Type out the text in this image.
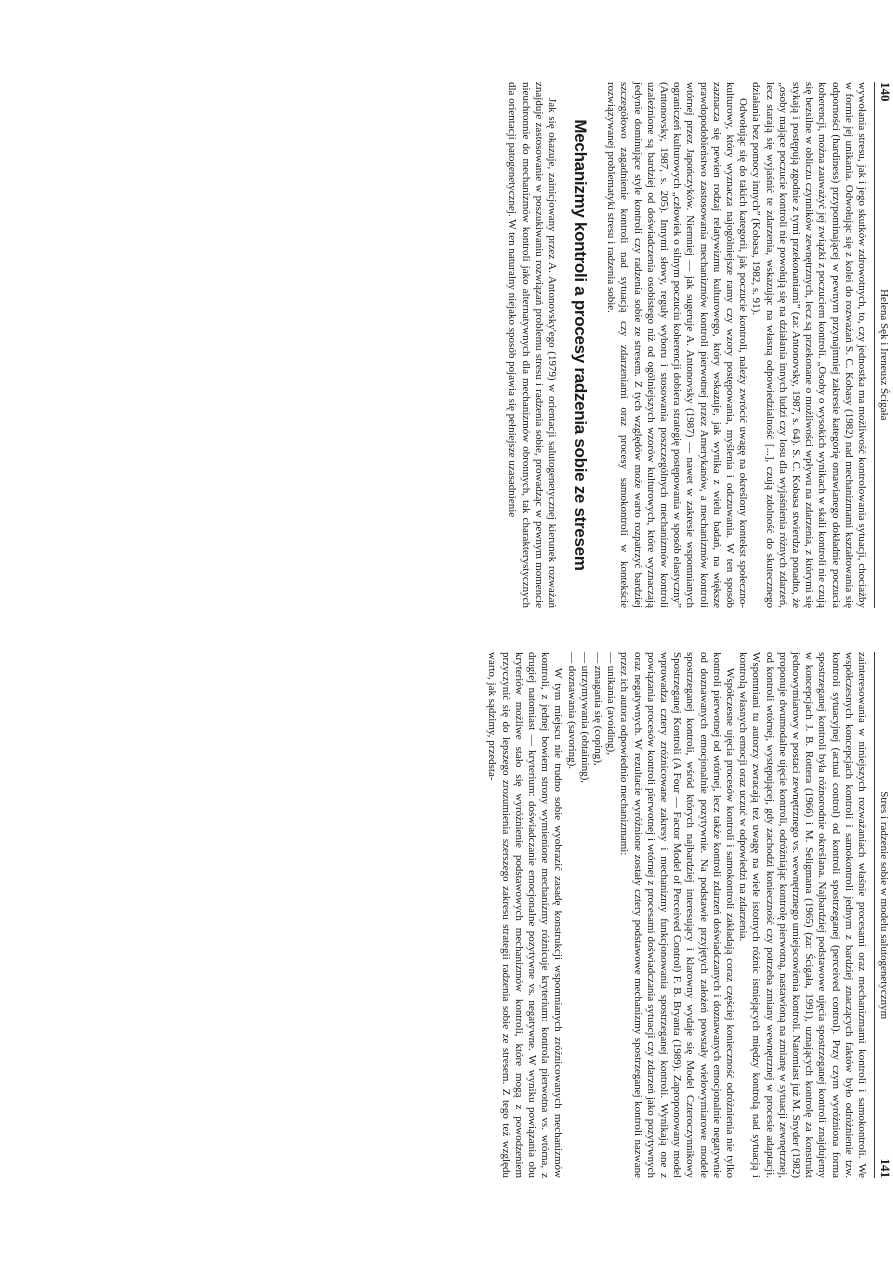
140
Helena Sęk i Ireneusz Ścigała

wywołania stresu, jak i jego skutków zdrowotnych, to, czy jednostka ma możliwość kontrolowania sytuacji, chociażby w formie jej unikania. Odwołując się z kolei do rozważań S. C. Kobasy (1982) nad mechanizmami kształtowania się odporności (hardiness) przypominającej w pewnym przynajmniej zakresie kategorię omawianego dokładnie poczucia koherencji, można zauważyć jej związki z poczuciem kontroli. „Osoby o wysokich wynikach w skali kontroli nie czują się bezsilne w obliczu czynników zewnętrznych, lecz są przekonane o możliwości wpływu na zdarzenia, z którymi się stykają i postępują zgodnie z tymi przekonaniami” (za: Antonovsky, 1987, s. 64). S. C. Kobasa stwierdza ponadto, że „osoby mające poczucie kontroli nie powołują się na działania innych ludzi czy losu dla wyjaśnienia różnych zdarzeń, lecz starają się wyjaśnić te zdarzenia, wskazując na własną odpowiedzialność [...], czują zdolność do skutecznego działania bez pomocy innych” (Kobasa, 1982, s. 91).

Odwołując się do takich kategorii, jak poczucie kontroli, należy zwrócić uwagę na określony kontekst społeczno-kulturowy, który wyznacza najogólniejsze ramy czy wzory postępowania, myślenia i odczuwania. W ten sposób zaznacza się pewien rodzaj relatywizmu kulturowego, który wskazuje, jak wynika z wielu badań, na większe prawdopodobieństwo zastosowania mechanizmów kontroli pierwotnej przez Amerykanów, a mechanizmów kontroli wtórnej przez Japończyków. Niemniej — jak sugeruje A. Antonovsky (1987) — nawet w zakresie wspomnianych ograniczeń kulturowych „człowiek o silnym poczuciu koherencji dobiera strategię postępowania w sposób elastyczny” (Antonovsky, 1987, s. 205). Innymi słowy, reguły wyboru i stosowania poszczególnych mechanizmów kontroli uzależnione są bardziej od doświadczenia osobistego niż od ogólniejszych wzorów kulturowych, które wyznaczają jedynie dominujące style kontroli czy radzenia sobie ze stresem. Z tych względów może warto rozpatrzyć bardziej szczegółowo zagadnienie kontroli nad sytuacją czy zdarzeniami oraz procesy samokontroli w kontekście rozwiązywanej problematyki stresu i radzenia sobie.

Mechanizmy kontroli a procesy radzenia sobie ze stresem

Jak się okazuje, zainicjowany przez A. Antonovsky'ego (1979) w orientacji salutogenetycznej kierunek rozważań znajduje zastosowanie w poszukiwaniu rozwiązań problemu stresu i radzenia sobie, prowadząc w pewnym momencie nieuchronnie do mechanizmów kontroli jako alternatywnych dla mechanizmów obronnych, tak charakterystycznych dla orientacji patogenetycznej. W ten naturalny niejako sposób pojawia się pełniejsze uzasadnienie

Stres i radzenie sobie w modelu salutogenetycznym
141

zainteresowania w niniejszych rozważaniach właśnie procesami oraz mechanizmami kontroli i samokontroli. We współczesnych koncepcjach kontroli i samokontroli jednym z bardziej znaczących faktów było odróżnienie tzw. kontroli sytuacyjnej (actual control) od kontroli spostrzeganej (perceived control). Przy czym wyróżniona forma spostrzeganej kontroli była różnorodnie określana. Najbardziej podstawowe ujęcia spostrzeganej kontroli znajdujemy w koncepcjach J. B. Rottera (1966) i M. Seligmana (1965) (za: Ścigała, 1991), uznających kontrolę za konstrukt jednowymiarowy w postaci zewnętrznego vs. wewnętrznego umiejscowienia kontroli. Natomiast już M. Snyder (1982) proponuje dwumodalne ujęcie kontroli, odróżniając kontrolę pierwotną, nastawioną na zmianę w sytuacji zewnętrznej, od kontroli wtórnej, występującej, gdy zachodzi konieczność czy potrzeba zmiany wewnętrznej w procesie adaptacji. Wspomniani tu autorzy zwracają też uwagę na wiele istotnych różnic istniejących między kontrolą nad sytuacją i kontrolą własnych emocji oraz uczuć w odpowiedzi na zdarzenia.

Współczesne ujęcia procesów kontroli i samokontroli zakładają coraz częściej konieczność odróżnienia nie tylko kontroli pierwotnej od wtórnej, lecz także kontroli zdarzeń doświadczanych i doznawanych emocjonalnie negatywnie od doznawanych emocjonalnie pozytywnie. Na podstawie przyjętych założeń powstały wielowymiarowe modele spostrzeganej kontroli, wśród których najbardziej interesujący i klarowny wydaje się Model Czteroczynnikowy Spostrzeganej Kontroli (A Four — Factor Model of Perceived Control) F. B. Bryanta (1989). Zaproponowany model wprowadza cztery zróżnicowane zakresy i mechanizmy funkcjonowania spostrzeganej kontroli. Wynikają one z powiązania procesów kontroli pierwotnej i wtórnej z procesami doświadczania sytuacji czy zdarzeń jako pozytywnych oraz negatywnych. W rezultacie wyróżnione zostały cztery podstawowe mechanizmy spostrzeganej kontroli nazwane przez ich autora odpowiednio mechanizmami:

— unikania (avoiding),
— zmagania się (coping),
— utrzymywania (obtaining),
— doznawania (savoring).

W tym miejscu nie trudno sobie wyobrazić zasadę konstrukcji wspomnianych zróżnicowanych mechanizmów kontroli, z jednej bowiem strony wymienione mechanizmy różnicuje kryterium: kontrola pierwotna vs. wtórna, z drugiej natomiast — kryterium: doświadczanie emocjonalne pozytywne vs. negatywne. W wyniku powiązania obu kryteriów możliwe stało się wyróżnienie podstawowych mechanizmów kontroli, które mogą z powodzeniem przyczynić się do lepszego zrozumienia szerszego zakresu strategii radzenia sobie ze stresem. Z tego też względu warto, jak sądzimy, przedsta-
